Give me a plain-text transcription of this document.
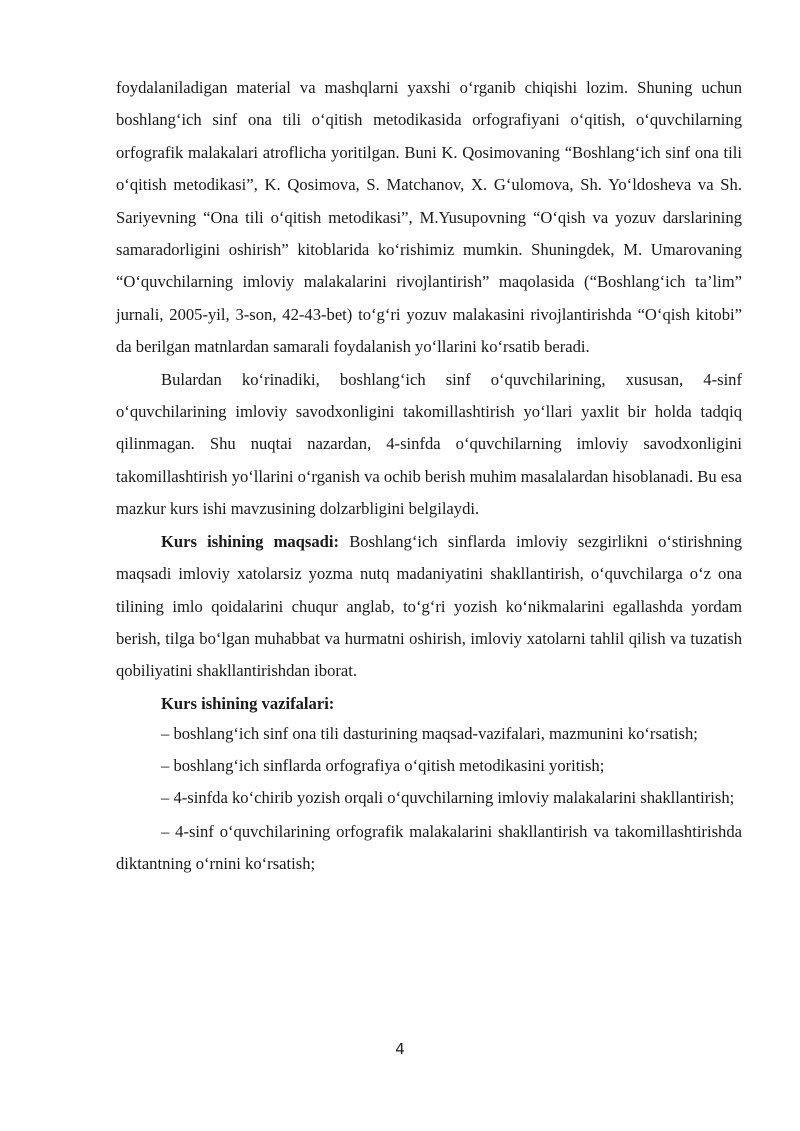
foydalaniladigan material va mashqlarni yaxshi o‘rganib chiqishi lozim. Shuning uchun boshlang‘ich sinf ona tili o‘qitish metodikasida orfografiyani o‘qitish, o‘quvchilarning orfografik malakalari atroflicha yoritilgan. Buni K. Qosimovaning “Boshlang‘ich sinf ona tili o‘qitish metodikasi”, K. Qosimova, S. Matchanov, X. G‘ulomova, Sh. Yo‘ldosheva va Sh. Sariyevning “Ona tili o‘qitish metodikasi”, M.Yusupovning “O‘qish va yozuv darslarining samaradorligini oshirish” kitoblarida ko‘rishimiz mumkin. Shuningdek, M. Umarovaning “O‘quvchilarning imloviy malakalarini rivojlantirish” maqolasida (“Boshlang‘ich ta’lim” jurnali, 2005-yil, 3-son, 42-43-bet) to‘g‘ri yozuv malakasini rivojlantirishda “O‘qish kitobi” da berilgan matnlardan samarali foydalanish yo‘llarini ko‘rsatib beradi.

Bulardan ko‘rinadiki, boshlang‘ich sinf o‘quvchilarining, xususan, 4-sinf o‘quvchilarining imloviy savodxonligini takomillashtirish yo‘llari yaxlit bir holda tadqiq qilinmagan. Shu nuqtai nazardan, 4-sinfda o‘quvchilarning imloviy savodxonligini takomillashtirish yo‘llarini o‘rganish va ochib berish muhim masalalardan hisoblanadi. Bu esa mazkur kurs ishi mavzusining dolzarbligini belgilaydi.

Kurs ishining maqsadi: Boshlang‘ich sinflarda imloviy sezgirlikni o‘stirishning maqsadi imloviy xatolarsiz yozma nutq madaniyatini shakllantirish, o‘quvchilarga o‘z ona tilining imlo qoidalarini chuqur anglab, to‘g‘ri yozish ko‘nikmalarini egallashda yordam berish, tilga bo‘lgan muhabbat va hurmatni oshirish, imloviy xatolarni tahlil qilish va tuzatish qobiliyatini shakllantirishdan iborat.

Kurs ishining vazifalari:

– boshlang‘ich sinf ona tili dasturining maqsad-vazifalari, mazmunini ko‘rsatish;

– boshlang‘ich sinflarda orfografiya o‘qitish metodikasini yoritish;

– 4-sinfda ko‘chirib yozish orqali o‘quvchilarning imloviy malakalarini shakllantirish;

– 4-sinf o‘quvchilarining orfografik malakalarini shakllantirish va takomillashtirishda diktantning o‘rnini ko‘rsatish;

4
